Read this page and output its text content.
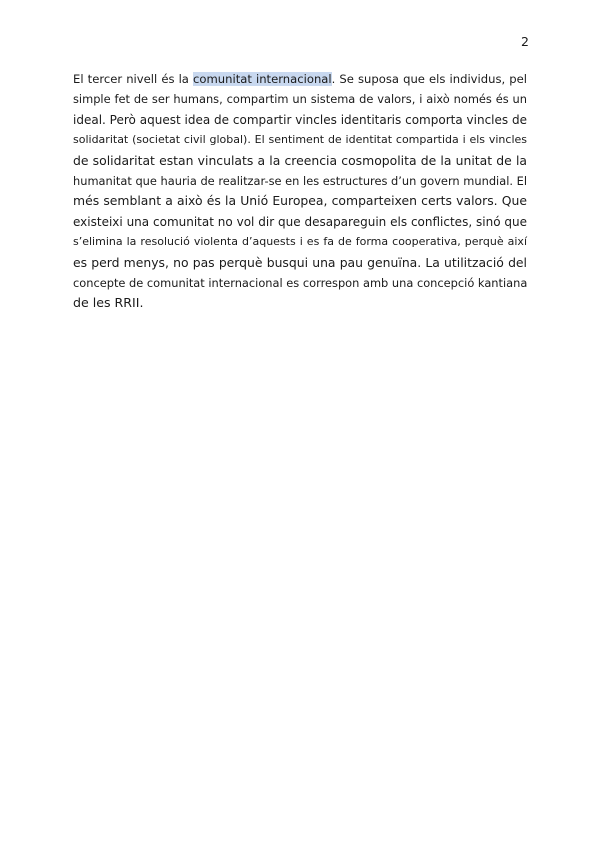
2
El tercer nivell és la comunitat internacional. Se suposa que els individus, pel
simple fet de ser humans, compartim un sistema de valors, i això només és un
ideal. Però aquest idea de compartir vincles identitaris comporta vincles de
solidaritat (societat civil global). El sentiment de identitat compartida i els vincles
de solidaritat estan vinculats a la creencia cosmopolita de la unitat de la
humanitat que hauria de realitzar-se en les estructures d’un govern mundial. El
més semblant a això és la Unió Europea, comparteixen certs valors. Que
existeixi una comunitat no vol dir que desapareguin els conflictes, sinó que
s’elimina la resolució violenta d’aquests i es fa de forma cooperativa, perquè així
es perd menys, no pas perquè busqui una pau genuïna. La utilització del
concepte de comunitat internacional es correspon amb una concepció kantiana
de les RRII.
